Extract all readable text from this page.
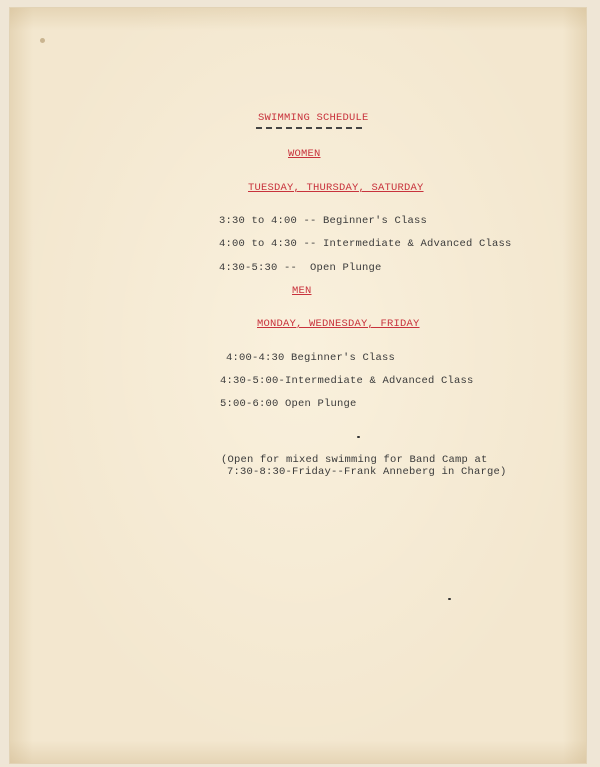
SWIMMING SCHEDULE
WOMEN
TUESDAY, THURSDAY, SATURDAY
3:30 to 4:00 -- Beginner's Class
4:00 to 4:30 -- Intermediate & Advanced Class
4:30-5:30 --  Open Plunge
MEN
MONDAY, WEDNESDAY, FRIDAY
4:00-4:30 Beginner's Class
4:30-5:00-Intermediate & Advanced Class
5:00-6:00 Open Plunge
(Open for mixed swimming for Band Camp at
7:30-8:30-Friday--Frank Anneberg in Charge)
